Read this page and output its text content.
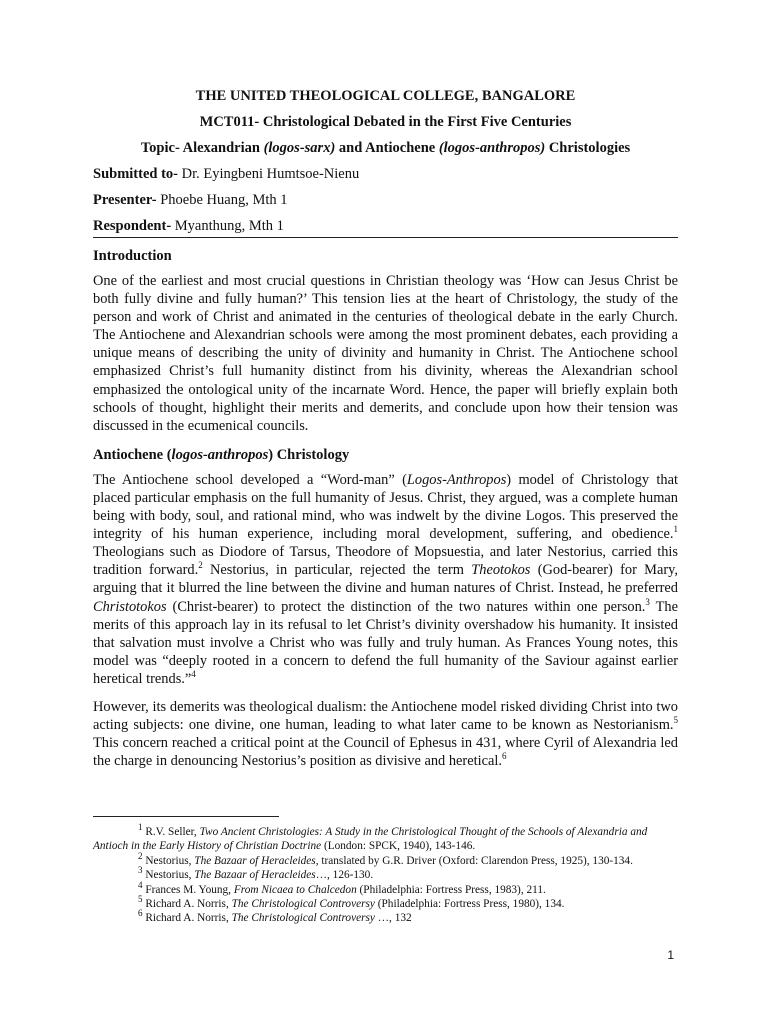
THE UNITED THEOLOGICAL COLLEGE, BANGALORE

MCT011- Christological Debated in the First Five Centuries

Topic- Alexandrian (logos-sarx) and Antiochene (logos-anthropos) Christologies

Submitted to- Dr. Eyingbeni Humtsoe-Nienu

Presenter- Phoebe Huang, Mth 1

Respondent- Myanthung, Mth 1

Introduction

One of the earliest and most crucial questions in Christian theology was ‘How can Jesus Christ be both fully divine and fully human?’ This tension lies at the heart of Christology, the study of the person and work of Christ and animated in the centuries of theological debate in the early Church. The Antiochene and Alexandrian schools were among the most prominent debates, each providing a unique means of describing the unity of divinity and humanity in Christ. The Antiochene school emphasized Christ’s full humanity distinct from his divinity, whereas the Alexandrian school emphasized the ontological unity of the incarnate Word. Hence, the paper will briefly explain both schools of thought, highlight their merits and demerits, and conclude upon how their tension was discussed in the ecumenical councils.

Antiochene (logos-anthropos) Christology

The Antiochene school developed a “Word-man” (Logos-Anthropos) model of Christology that placed particular emphasis on the full humanity of Jesus. Christ, they argued, was a complete human being with body, soul, and rational mind, who was indwelt by the divine Logos. This preserved the integrity of his human experience, including moral development, suffering, and obedience.$^1$ Theologians such as Diodore of Tarsus, Theodore of Mopsuestia, and later Nestorius, carried this tradition forward.$^2$ Nestorius, in particular, rejected the term Theotokos (God-bearer) for Mary, arguing that it blurred the line between the divine and human natures of Christ. Instead, he preferred Christotokos (Christ-bearer) to protect the distinction of the two natures within one person.$^3$ The merits of this approach lay in its refusal to let Christ’s divinity overshadow his humanity. It insisted that salvation must involve a Christ who was fully and truly human. As Frances Young notes, this model was “deeply rooted in a concern to defend the full humanity of the Saviour against earlier heretical trends.”$^4$

However, its demerits was theological dualism: the Antiochene model risked dividing Christ into two acting subjects: one divine, one human, leading to what later came to be known as Nestorianism.$^5$ This concern reached a critical point at the Council of Ephesus in 431, where Cyril of Alexandria led the charge in denouncing Nestorius’s position as divisive and heretical.$^6$

$^1$ R.V. Seller, Two Ancient Christologies: A Study in the Christological Thought of the Schools of Alexandria and Antioch in the Early History of Christian Doctrine (London: SPCK, 1940), 143-146.

$^2$ Nestorius, The Bazaar of Heracleides, translated by G.R. Driver (Oxford: Clarendon Press, 1925), 130-134.

$^3$ Nestorius, The Bazaar of Heracleides…, 126-130.

$^4$ Frances M. Young, From Nicaea to Chalcedon (Philadelphia: Fortress Press, 1983), 211.

$^5$ Richard A. Norris, The Christological Controversy (Philadelphia: Fortress Press, 1980), 134.

$^6$ Richard A. Norris, The Christological Controversy …, 132

1
